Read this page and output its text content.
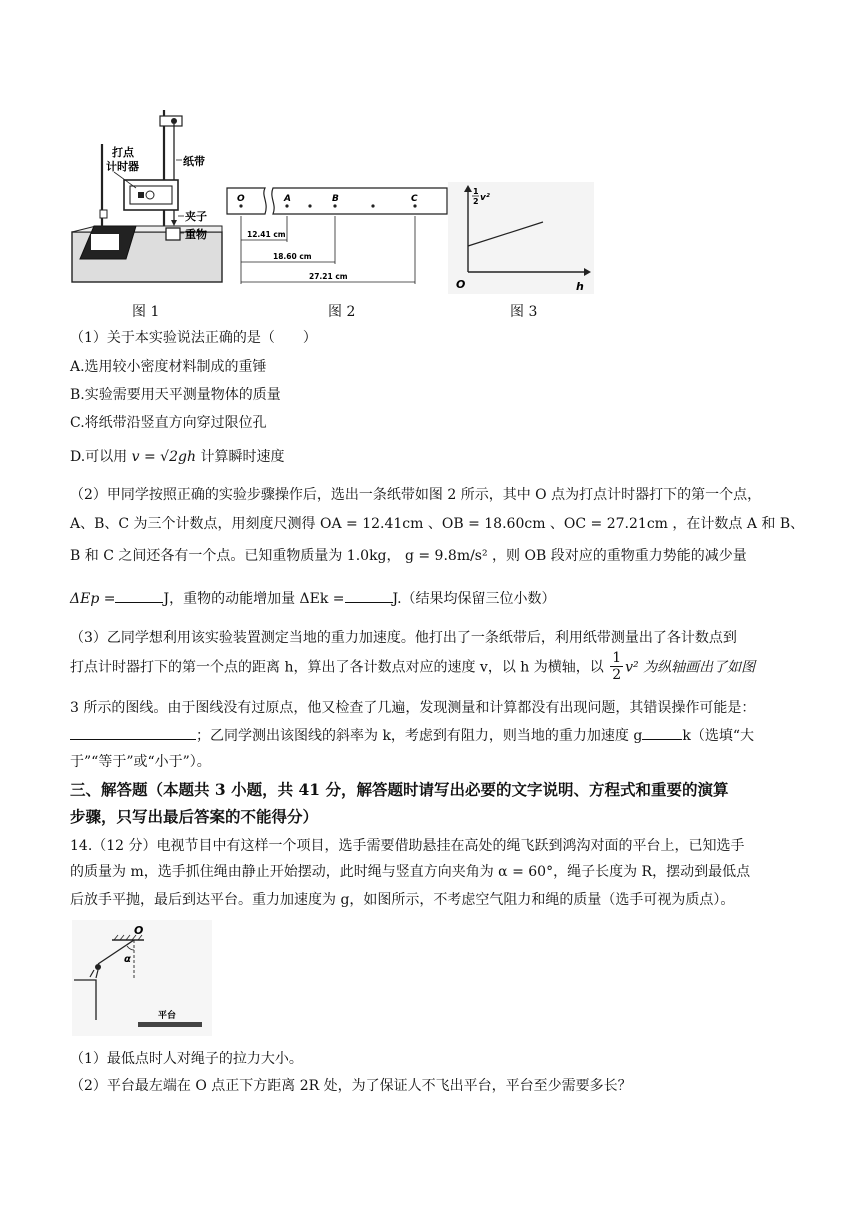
打点
计时器	纸带
夹子
重物
图 1
O	A	B	C
12.41 cm
18.60 cm
27.21 cm
图 2
1
2 v²
h
O
图 3
（1）关于本实验说法正确的是（　　）
A.选用较小密度材料制成的重锤
B.实验需要用天平测量物体的质量
C.将纸带沿竖直方向穿过限位孔
D.可以用 v = √2gh 计算瞬时速度
（2）甲同学按照正确的实验步骤操作后，选出一条纸带如图 2 所示，其中 O 点为打点计时器打下的第一个点，
A、B、C 为三个计数点，用刻度尺测得 OA = 12.41cm 、OB = 18.60cm 、OC = 27.21cm ，在计数点 A 和 B、
B 和 C 之间还各有一个点。已知重物质量为 1.0kg， g = 9.8m/s² ，则 OB 段对应的重物重力势能的减少量
ΔEp =	J，重物的动能增加量 ΔEk =	J.（结果均保留三位小数）
（3）乙同学想利用该实验装置测定当地的重力加速度。他打出了一条纸带后，利用纸带测量出了各计数点到
打点计时器打下的第一个点的距离 h，算出了各计数点对应的速度 v，以 h 为横轴，以 $\frac{1}{2} v^2$ 为纵轴画出了如图
3 所示的图线。由于图线没有过原点，他又检查了几遍，发现测量和计算都没有出现问题，其错误操作可能是：
；乙同学测出该图线的斜率为 k，考虑到有阻力，则当地的重力加速度 g	k（选填“大
于”“等于”或“小于”）。
三、解答题（本题共 3 小题，共 41 分，解答题时请写出必要的文字说明、方程式和重要的演算
步骤，只写出最后答案的不能得分）
14.（12 分）电视节目中有这样一个项目，选手需要借助悬挂在高处的绳飞跃到鸿沟对面的平台上，已知选手
的质量为 m，选手抓住绳由静止开始摆动，此时绳与竖直方向夹角为 α = 60°，绳子长度为 R，摆动到最低点
后放手平抛，最后到达平台。重力加速度为 g，如图所示，不考虑空气阻力和绳的质量（选手可视为质点）。
O
α
平台
（1）最低点时人对绳子的拉力大小。
（2）平台最左端在 O 点正下方距离 2R 处，为了保证人不飞出平台，平台至少需要多长？
